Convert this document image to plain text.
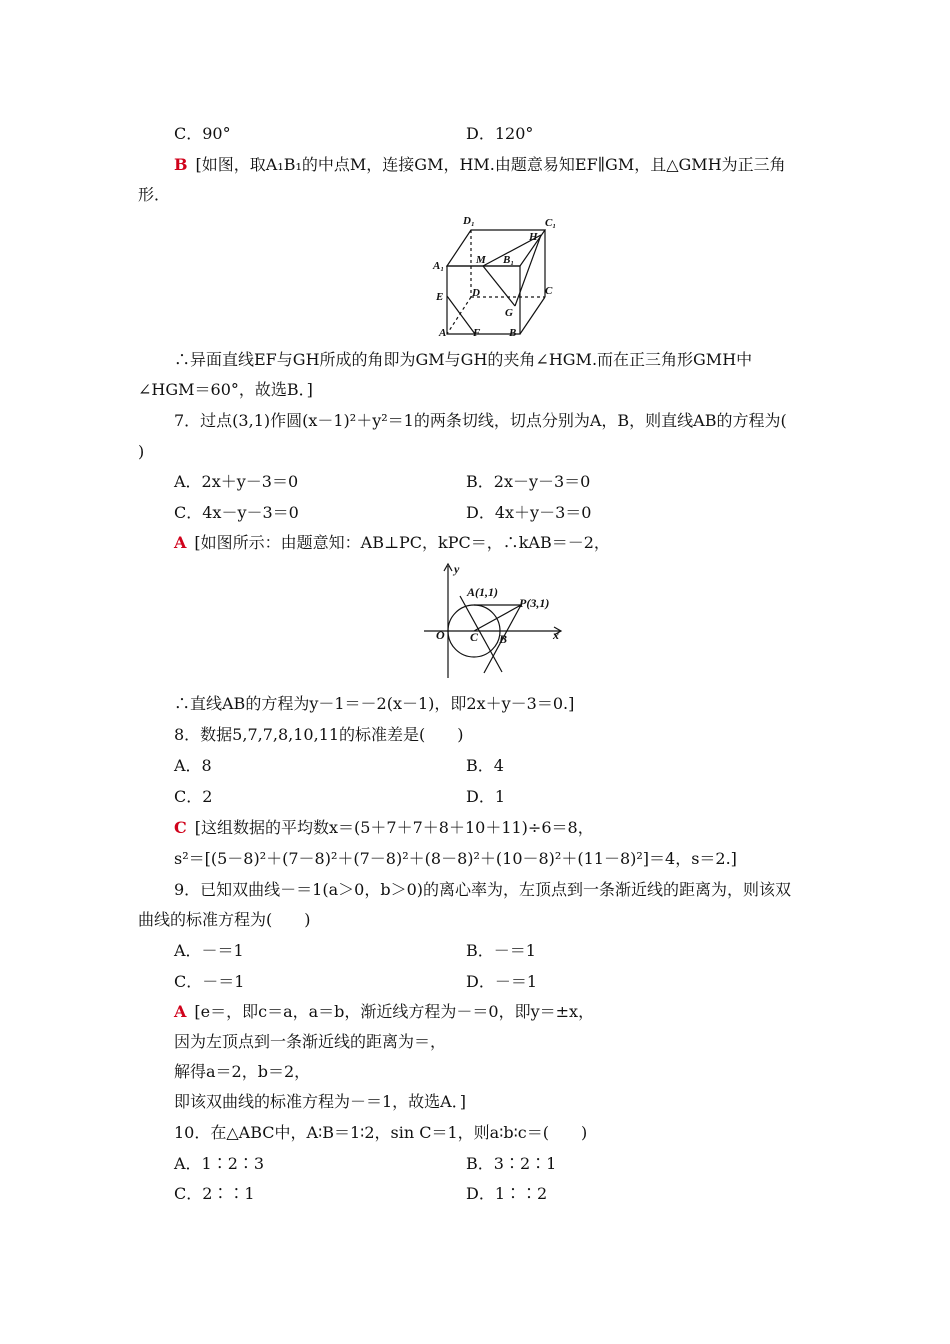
C．90°	D．120°
B [如图，取A₁B₁的中点M，连接GM，HM.由题意易知EF∥GM，且△GMH为正三角
形．
D₁	C₁
A₁
H
M B₁
D	C
E
G
A F	B
∴异面直线EF与GH所成的角即为GM与GH的夹角∠HGM.而在正三角形GMH中
∠HGM＝60°，故选B．]
7．过点(3,1)作圆(x－1)²＋y²＝1的两条切线，切点分别为A，B，则直线AB的方程为(
)
A．2x＋y－3＝0	B．2x－y－3＝0
C．4x－y－3＝0	D．4x＋y－3＝0
A [如图所示：由题意知：AB⊥PC，kPC＝，∴kAB＝－2，
y
x
O C
A(1,1)
P(3,1)
B
∴直线AB的方程为y－1＝－2(x－1)，即2x＋y－3＝0.]
8．数据5,7,7,8,10,11的标准差是(　　)
A．8	B．4
C．2	D．1
C [这组数据的平均数x＝(5＋7＋7＋8＋10＋11)÷6＝8，
s²＝[(5－8)²＋(7－8)²＋(7－8)²＋(8－8)²＋(10－8)²＋(11－8)²]＝4，s＝2.]
9．已知双曲线－＝1(a＞0，b＞0)的离心率为，左顶点到一条渐近线的距离为，则该双
曲线的标准方程为(　　)
A．－＝1	B．－＝1
C．－＝1	D．－＝1
A [e＝，即c＝a，a＝b，渐近线方程为－＝0，即y＝±x，
因为左顶点到一条渐近线的距离为＝，
解得a＝2，b＝2，
即该双曲线的标准方程为－＝1，故选A．]
10．在△ABC中，A∶B＝1∶2，sin C＝1，则a∶b∶c＝(　　)
A．1∶2∶3	B．3∶2∶1
C．2∶∶1	D．1∶∶2
